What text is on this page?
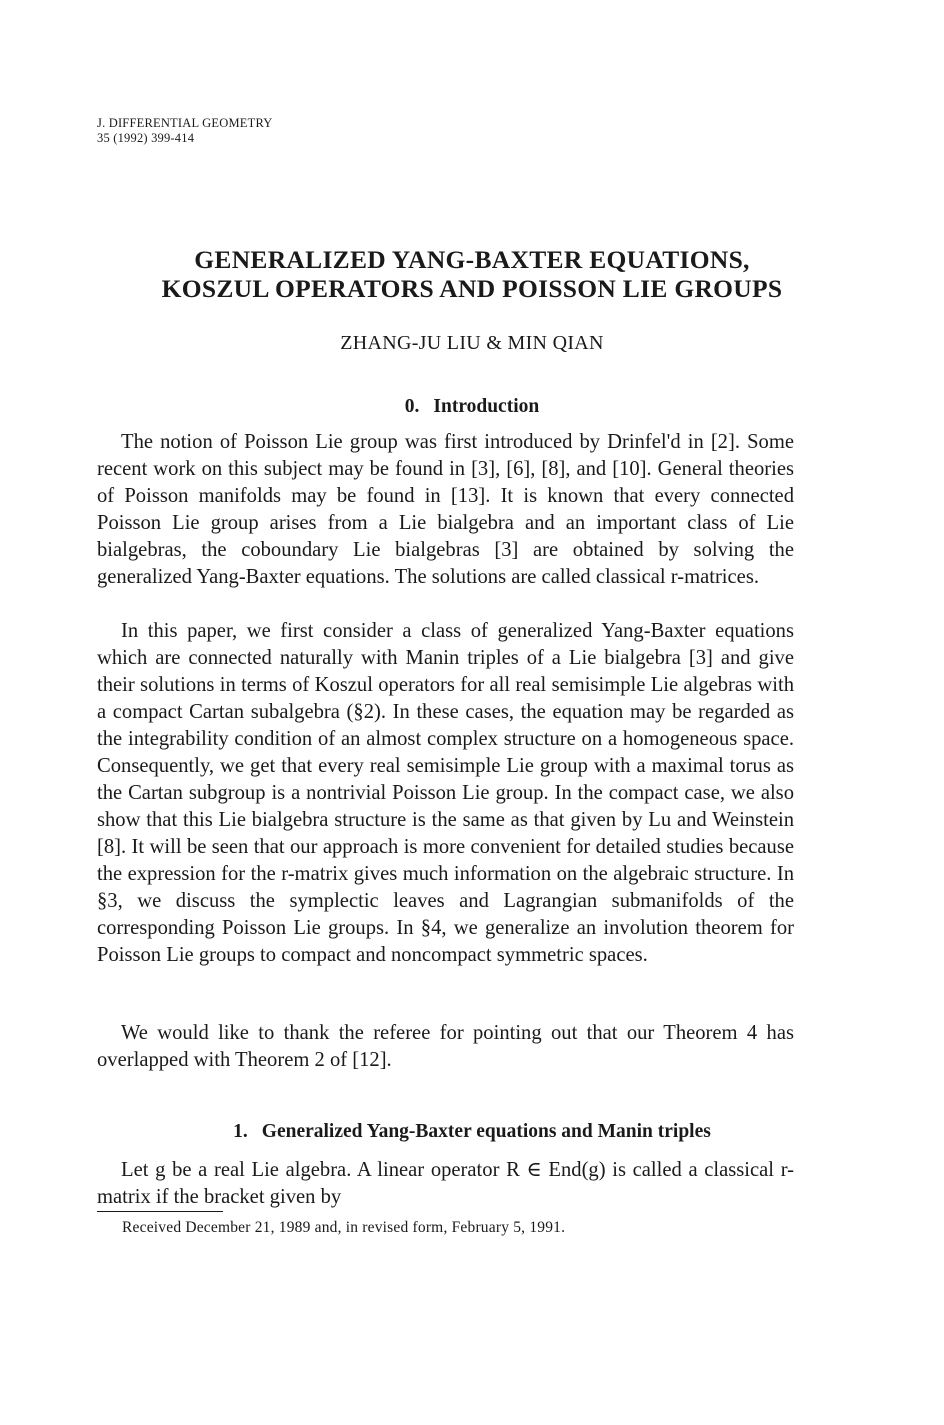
J. DIFFERENTIAL GEOMETRY
35 (1992) 399-414
GENERALIZED YANG-BAXTER EQUATIONS,
KOSZUL OPERATORS AND POISSON LIE GROUPS
ZHANG-JU LIU & MIN QIAN
0. Introduction

The notion of Poisson Lie group was first introduced by Drinfel'd in [2]. Some recent work on this subject may be found in [3], [6], [8], and [10]. General theories of Poisson manifolds may be found in [13]. It is known that every connected Poisson Lie group arises from a Lie bialgebra and an important class of Lie bialgebras, the coboundary Lie bialgebras [3] are obtained by solving the generalized Yang-Baxter equations. The solutions are called classical r-matrices.

In this paper, we first consider a class of generalized Yang-Baxter equations which are connected naturally with Manin triples of a Lie bialgebra [3] and give their solutions in terms of Koszul operators for all real semisimple Lie algebras with a compact Cartan subalgebra (§2). In these cases, the equation may be regarded as the integrability condition of an almost complex structure on a homogeneous space. Consequently, we get that every real semisimple Lie group with a maximal torus as the Cartan subgroup is a nontrivial Poisson Lie group. In the compact case, we also show that this Lie bialgebra structure is the same as that given by Lu and Weinstein [8]. It will be seen that our approach is more convenient for detailed studies because the expression for the r-matrix gives much information on the algebraic structure. In §3, we discuss the symplectic leaves and Lagrangian submanifolds of the corresponding Poisson Lie groups. In §4, we generalize an involution theorem for Poisson Lie groups to compact and noncompact symmetric spaces.

We would like to thank the referee for pointing out that our Theorem 4 has overlapped with Theorem 2 of [12].

1. Generalized Yang-Baxter equations and Manin triples

Let g be a real Lie algebra. A linear operator R ∈ End(g) is called a classical r-matrix if the bracket given by

Received December 21, 1989 and, in revised form, February 5, 1991.
